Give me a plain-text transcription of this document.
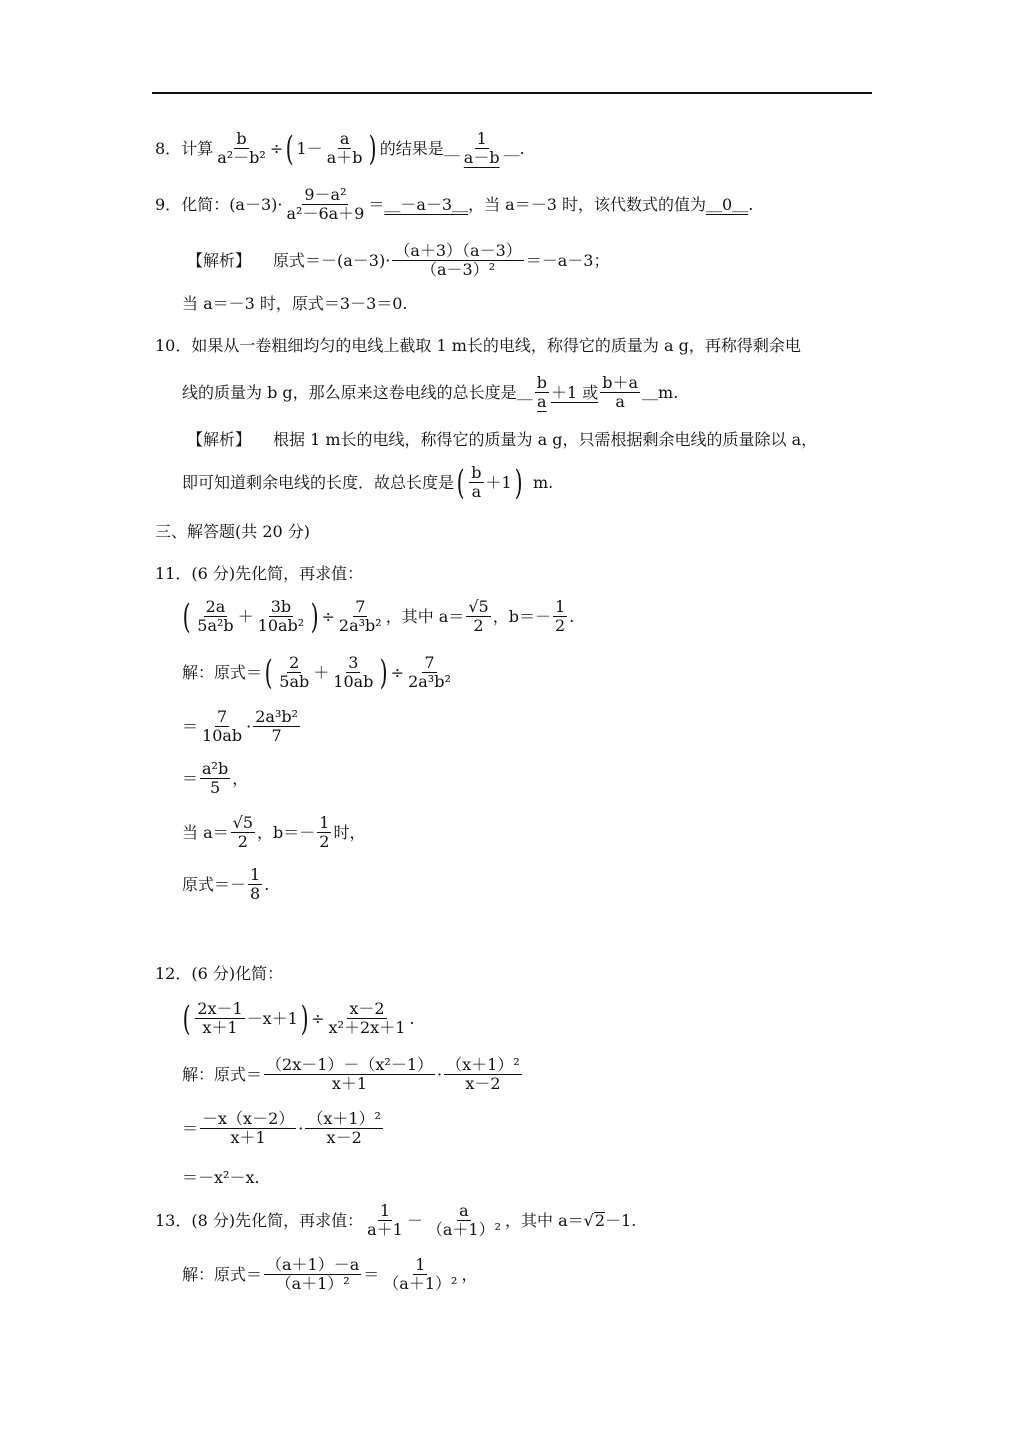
8． 计算 $\frac{b}{\text{a²－b²}}$ ÷ ( $1- \frac{a}{a+b}$ ) 的结果是 ＿ $\frac{1}{a-b}$ ＿.
9． 化简：$(a-3)\cdot \frac{\text{9－a²}}{\text{a²－6a＋9}}$ ＝ ＿－a－3＿ ，当 a＝－3 时，该代数式的值为 ＿0＿ .
【解析】 原式$=-(a-3)\cdot \frac{(a+3)(a-3)}{\text{（a－3）²}} =-a-3$；
当 a＝－3 时，原式＝3－3＝0.
10．如果从一卷粗细均匀的电线上截取 1 m长的电线，称得它的质量为 a g，再称得剩余电
线的质量为 b g，那么原来这卷电线的总长度是 ＿ $\frac{b}{a} +1$ 或 $\frac{b+a}{a}$ ＿m.
【解析】 根据 1 m长的电线，称得它的质量为 a g，只需根据剩余电线的质量除以 a，
即可知道剩余电线的长度．故总长度是 ( $\frac{b}{a} +1$ ) m.
三、解答题(共 20 分)
11．(6 分)先化简，再求值：
( $\frac{2a}{\text{5a²b}} + \frac{3b}{\text{10ab²}}$ ) ÷ $\frac{7}{\text{2a³b²}}$ ，其中 $a= \frac{√5}{2}$ ，$b=- \frac{1}{2}$ .
解：原式＝ ( $\frac{2}{5ab} + \frac{3}{10ab}$ ) ÷ $\frac{7}{\text{2a³b²}}$
＝ $\frac{7}{10ab} \cdot \frac{\text{2a³b²}}{7}$
＝ $\frac{\text{a²b}}{5}$ ，
当 $a= \frac{√5}{2}$ ，$b=- \frac{1}{2}$ 时，
原式＝－ $\frac{1}{8}$ .
12．(6 分)化简：
( $\frac{2x-1}{x+1} -x+1$ ) ÷ $\frac{x-2}{\text{x²＋2x＋1}}$ .
解：原式＝ $\frac{\text{（2x－1）－（x²－1）}}{x+1} \cdot \frac{\text{（x＋1）²}}{x-2}$
＝ $\frac{-x(x-2)}{x+1} \cdot \frac{\text{（x＋1）²}}{x-2}$
＝－x²－x.
13．(8 分)先化简，再求值： $\frac{1}{a+1} - \frac{a}{\text{（a＋1）²}}$ ，其中 a＝ √ 2 －1.
解：原式＝ $\frac{(a+1)-a}{\text{（a＋1）²}} = \frac{1}{\text{（a＋1）²}}$ ，
